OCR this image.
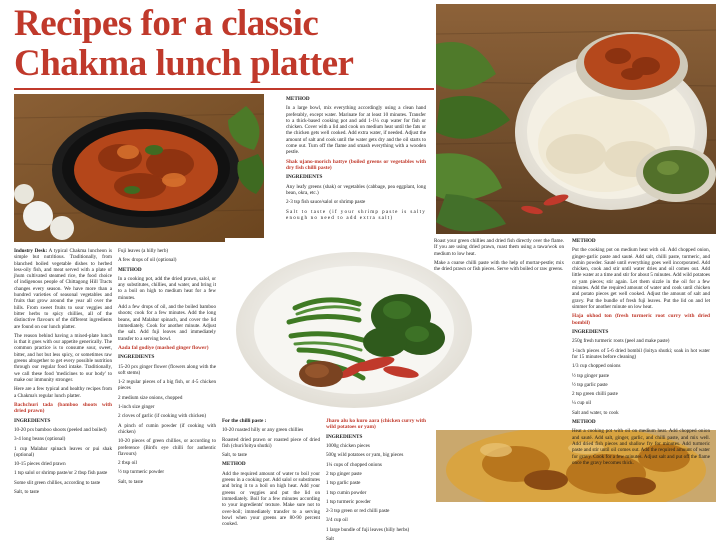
Recipes for a classic
Chakma lunch platter

Industry Desk: A typical Chakma luncheon is simple but nutritious. Traditionally, from blanched boiled vegetable dishes to herbed less-oily fish, and meat served with a plate of jhum cultivated steamed rice, the food choice of indigenous people of Chittagong Hill Tracts changes every season. We have more than a hundred varieties of seasonal vegetables and fruits that grow around the year all over the hills. From sweet fruits to sour veggies and bitter herbs to spicy chillies, all of the distinctive flavours of the different ingredients are found on our lunch platter.

The reason behind having a mixed-plate lunch is that it goes with our appetite generically. The common practice is to consume sour, sweet, bitter, and hot but less spicy, or sometimes raw greens altogether to get every possible nutrition through our regular food intake. Traditionally, we call these food 'medicines to our body' to make our immunity stronger.

Here are a few typical and healthy recipes from a Chakma's regular lunch platter.

Bachchuri tada (bamboo shoots with dried prawn)

INGREDIENTS

10-20 pcs bamboo shoots (peeled and boiled)

3-4 long beans (optional)

1 cup Malabar spinach leaves or pui shak (optional)

10-15 pieces dried prawn

1 tsp salol or shrimp paste/or 2 tbsp fish paste

Some slit green chillies, according to taste

Salt, to taste

Fuji leaves (a hilly herb)

A few drops of oil (optional)

METHOD

In a cooking pot, add the dried prawn, salol, or any substitutes, chillies, and water, and bring it to a boil on high to medium heat for a few minutes.

Add a few drops of oil, and the boiled bamboo shoots; cook for a few minutes. Add the long beans, and Malabar spinach, and cover the lid immediately. Cook for another minute. Adjust the salt. Add fuji leaves and immediately transfer to a serving bowl.

Aada fal godiye (mashed ginger flower)

INGREDIENTS

15-20 pcs ginger flower (flowers along with the soft stems)

1-2 regular pieces of a big fish, or 4-5 chicken pieces

2 medium size onions, chopped

1-inch size ginger

2 cloves of garlic (if cooking with chicken)

A pinch of cumin powder (if cooking with chicken)

10-20 pieces of green chillies, or according to preference (Bird's eye chilli for authentic flavours)

2 tbsp oil

½ tsp turmeric powder

Salt, to taste

METHOD

In a large bowl, mix everything accordingly using a clean hand preferably, except water. Marinate for at least 10 minutes. Transfer to a thick-based cooking pot and add 1-1¼ cup water for fish or chicken. Cover with a lid and cook on medium heat until the fats or the chicken gets well cooked. Add extra water, if needed. Adjust the amount of salt and cook until the water gets dry and the oil starts to come out. Turn off the flame and smash everything with a wooden pestle.

Shak ujano-morich hattye (boiled greens or vegetables with dry fish chilli paste)

INGREDIENTS

Any leafy greens (shak) or vegetables (cabbage, pea eggplant, long bean, okra, etc.)

2-3 tsp fish sauce/salol or shrimp paste

Salt to taste (if your shrimp paste is salty enough no need to add extra salt)

For the chilli paste :

10-20 roasted hilly or any green chillies

Roasted dried prawn or roasted piece of dried fish (churi/loitya shutki)

Salt, to taste

METHOD

Add the required amount of water to boil your greens in a cooking pot. Add salol or substitutes and bring it to a boil on high heat. Add your greens or veggies and put the lid on immediately. Boil for a few minutes according to your ingredients' texture. Make sure not to over-boil; immediately transfer to a serving bowl when your greens are 80-90 percent cooked.

Jharo alu ko kuro aara (chicken curry with wild potatoes or yam)

INGREDIENTS

1000g chicken pieces

500g wild potatoes or yam, big pieces

1¼ cups of chopped onions

2 tsp ginger paste

1 tsp garlic paste

1 tsp cumin powder

1 tsp turmeric powder

2-3 tsp green or red chilli paste

3/4 cup oil

1 large bundle of fuji leaves (hilly herbs)

Salt

Roast your green chillies and dried fish directly over the flame. If you are using dried prawn, roast them using a tawa/wok on medium to low heat.

Make a coarse chilli paste with the help of mortar-pestle; mix the dried prawn or fish pieces. Serve with boiled or raw greens.

METHOD

Put the cooking pot on medium heat with oil. Add chopped onion, ginger-garlic paste and sauté. Add salt, chilli paste, turmeric, and cumin powder. Sauté until everything goes well incorporated. Add chicken, cook and stir until water dries and oil comes out. Add little water at a time and stir for about 5 minutes. Add wild potatoes or yam pieces; stir again. Let them sizzle in the oil for a few minutes. Add the required amount of water and cook until chicken and potato pieces get well cooked. Adjust the amount of salt and gravy. Put the bundle of fresh fuji leaves. Put the lid on and let simmer for another minute on low heat.

Haja okhod ton (fresh turmeric root curry with dried bombil)

INGREDIENTS

250g fresh turmeric roots (peel and make paste)

1-inch pieces of 5-6 dried bombil (loitya shutki; soak in hot water for 15 minutes before cleaning)

1/3 cup chopped onions

½ tsp ginger paste

½ tsp garlic paste

2 tsp green chilli paste

¼ cup oil

Salt and water, to cook

METHOD

Heat a cooking pot with oil on medium heat. Add chopped onion and sauté. Add salt, ginger, garlic, and chilli paste, and mix well. Add dried fish pieces and shallow fry for minutes. Add turmeric paste and stir until oil comes out. Add the required amount of water for gravy. Cook for a few minutes. Adjust salt and put off the flame once the gravy becomes thick.
